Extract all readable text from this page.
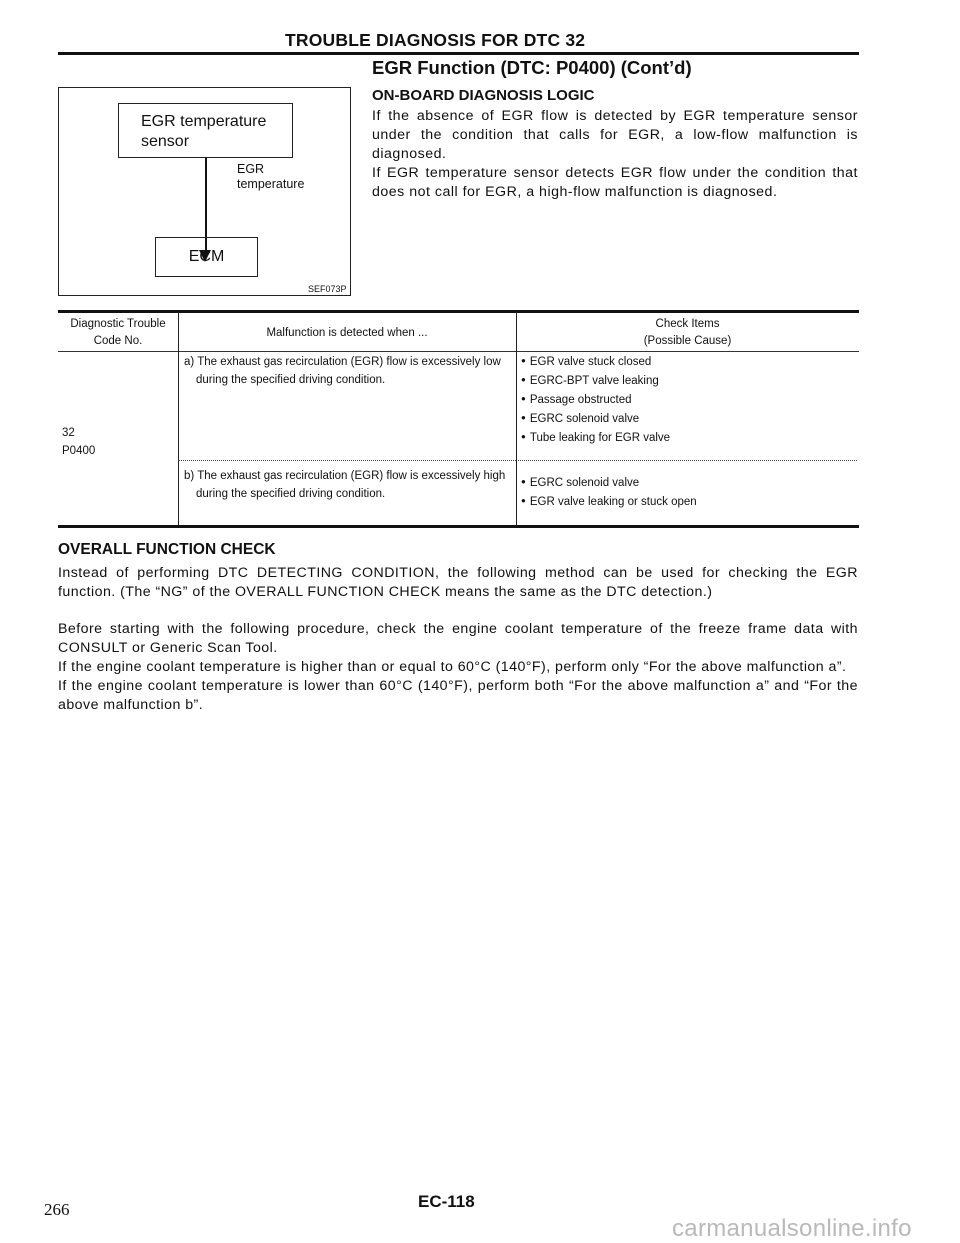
TROUBLE DIAGNOSIS FOR DTC 32
EGR temperature sensor
EGR
temperature
ECM
SEF073P
EGR Function (DTC: P0400) (Cont’d)
ON-BOARD DIAGNOSIS LOGIC

If the absence of EGR flow is detected by EGR temperature sensor under the condition that calls for EGR, a low-flow malfunction is diagnosed.

If EGR temperature sensor detects EGR flow under the condition that does not call for EGR, a high-flow malfunction is diagnosed.

Diagnostic Trouble Code No.
Malfunction is detected when ...
Check Items
(Possible Cause)
32
P0400
a) The exhaust gas recirculation (EGR) flow is excessively low during the specified driving condition.
b) The exhaust gas recirculation (EGR) flow is excessively high during the specified driving condition.
● EGR valve stuck closed
● EGRC-BPT valve leaking
● Passage obstructed
● EGRC solenoid valve
● Tube leaking for EGR valve
● EGRC solenoid valve
● EGR valve leaking or stuck open
OVERALL FUNCTION CHECK

Instead of performing DTC DETECTING CONDITION, the following method can be used for checking the EGR function. (The “NG” of the OVERALL FUNCTION CHECK means the same as the DTC detection.)

Before starting with the following procedure, check the engine coolant temperature of the freeze frame data with CONSULT or Generic Scan Tool.

If the engine coolant temperature is higher than or equal to 60°C (140°F), perform only “For the above malfunction a”.

If the engine coolant temperature is lower than 60°C (140°F), perform both “For the above malfunction a” and “For the above malfunction b”.

266	EC-118
carmanualsonline.info
